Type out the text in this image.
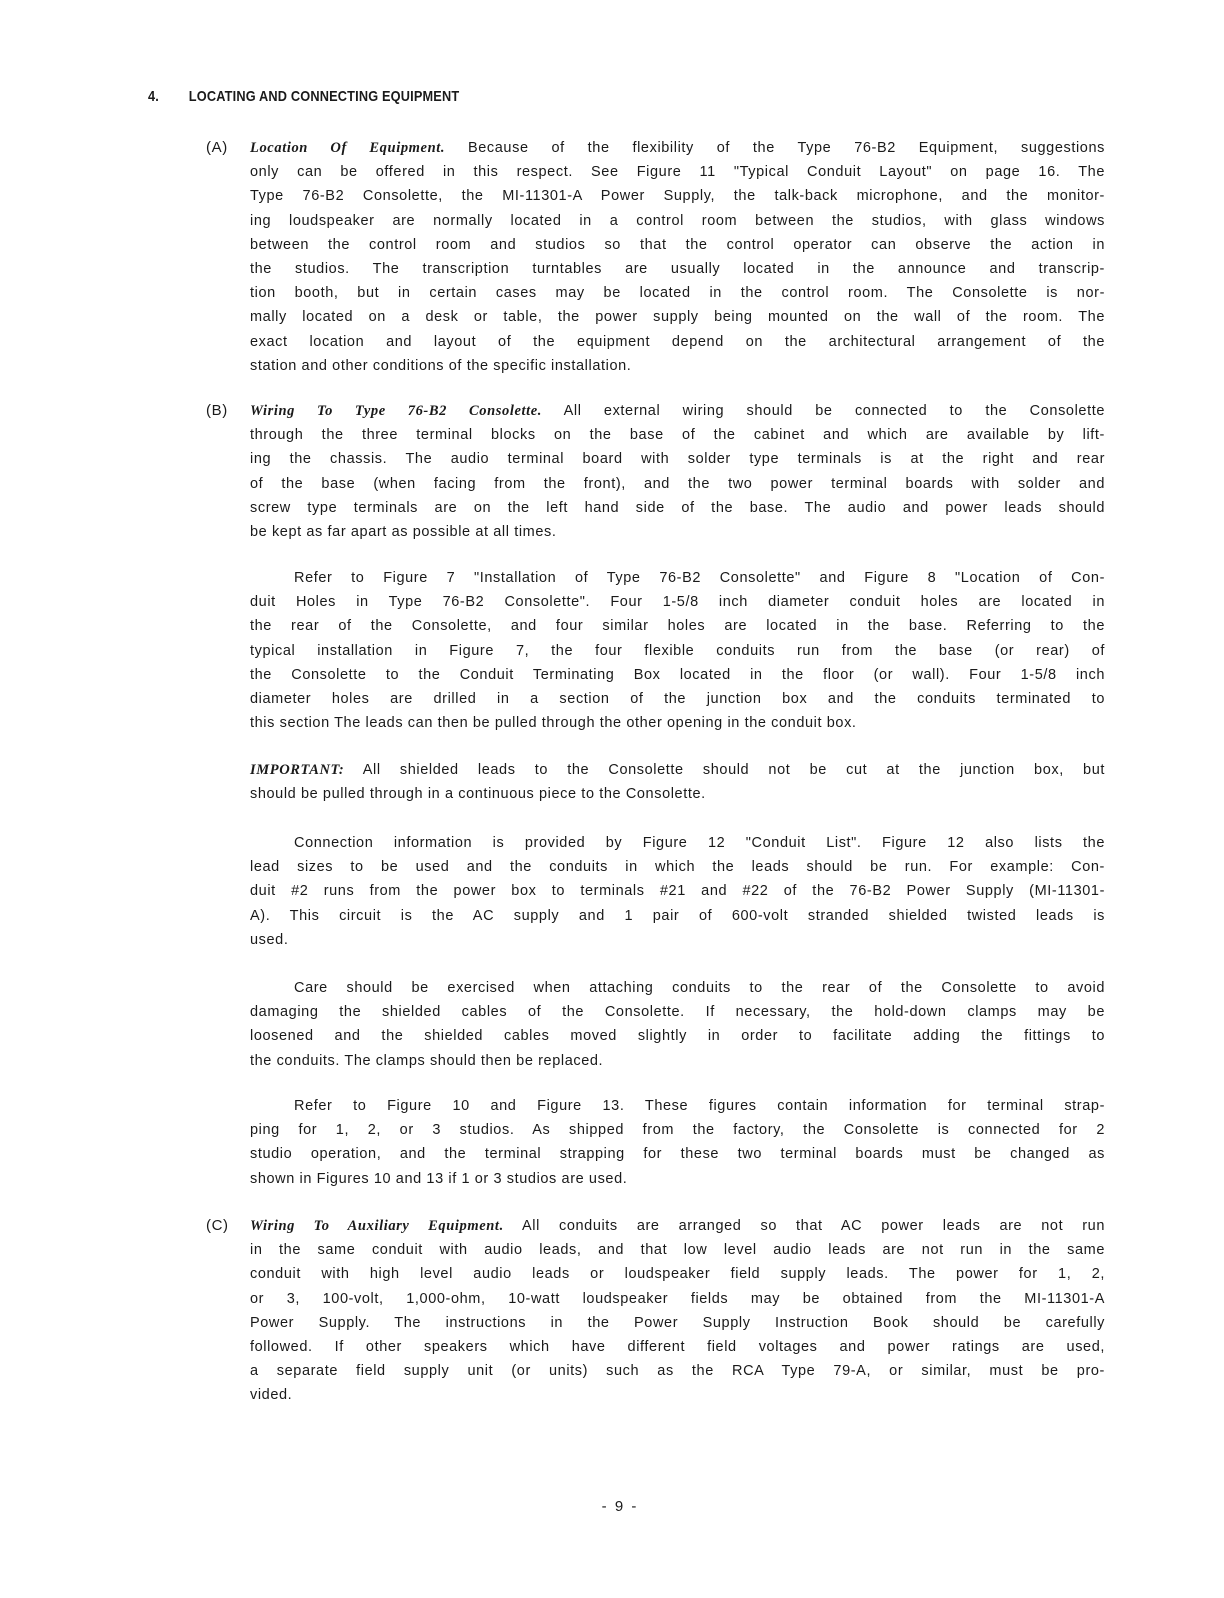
4. LOCATING AND CONNECTING EQUIPMENT
(A) Location Of Equipment. Because of the flexibility of the Type 76-B2 Equipment, suggestions
only can be offered in this respect. See Figure 11 "Typical Conduit Layout" on page 16. The
Type 76-B2 Consolette, the MI-11301-A Power Supply, the talk-back microphone, and the monitor-
ing loudspeaker are normally located in a control room between the studios, with glass windows
between the control room and studios so that the control operator can observe the action in
the studios. The transcription turntables are usually located in the announce and transcrip-
tion booth, but in certain cases may be located in the control room. The Consolette is nor-
mally located on a desk or table, the power supply being mounted on the wall of the room. The
exact location and layout of the equipment depend on the architectural arrangement of the
station and other conditions of the specific installation.
(B) Wiring To Type 76-B2 Consolette. All external wiring should be connected to the Consolette
through the three terminal blocks on the base of the cabinet and which are available by lift-
ing the chassis. The audio terminal board with solder type terminals is at the right and rear
of the base (when facing from the front), and the two power terminal boards with solder and
screw type terminals are on the left hand side of the base. The audio and power leads should
be kept as far apart as possible at all times.
Refer to Figure 7 "Installation of Type 76-B2 Consolette" and Figure 8 "Location of Con-
duit Holes in Type 76-B2 Consolette". Four 1-5/8 inch diameter conduit holes are located in
the rear of the Consolette, and four similar holes are located in the base. Referring to the
typical installation in Figure 7, the four flexible conduits run from the base (or rear) of
the Consolette to the Conduit Terminating Box located in the floor (or wall). Four 1-5/8 inch
diameter holes are drilled in a section of the junction box and the conduits terminated to
this section The leads can then be pulled through the other opening in the conduit box.
IMPORTANT: All shielded leads to the Consolette should not be cut at the junction box, but
should be pulled through in a continuous piece to the Consolette.
Connection information is provided by Figure 12 "Conduit List". Figure 12 also lists the
lead sizes to be used and the conduits in which the leads should be run. For example: Con-
duit #2 runs from the power box to terminals #21 and #22 of the 76-B2 Power Supply (MI-11301-
A). This circuit is the AC supply and 1 pair of 600-volt stranded shielded twisted leads is
used.
Care should be exercised when attaching conduits to the rear of the Consolette to avoid
damaging the shielded cables of the Consolette. If necessary, the hold-down clamps may be
loosened and the shielded cables moved slightly in order to facilitate adding the fittings to
the conduits. The clamps should then be replaced.
Refer to Figure 10 and Figure 13. These figures contain information for terminal strap-
ping for 1, 2, or 3 studios. As shipped from the factory, the Consolette is connected for 2
studio operation, and the terminal strapping for these two terminal boards must be changed as
shown in Figures 10 and 13 if 1 or 3 studios are used.
(C) Wiring To Auxiliary Equipment. All conduits are arranged so that AC power leads are not run
in the same conduit with audio leads, and that low level audio leads are not run in the same
conduit with high level audio leads or loudspeaker field supply leads. The power for 1, 2,
or 3, 100-volt, 1,000-ohm, 10-watt loudspeaker fields may be obtained from the MI-11301-A
Power Supply. The instructions in the Power Supply Instruction Book should be carefully
followed. If other speakers which have different field voltages and power ratings are used,
a separate field supply unit (or units) such as the RCA Type 79-A, or similar, must be pro-
vided.
- 9 -
